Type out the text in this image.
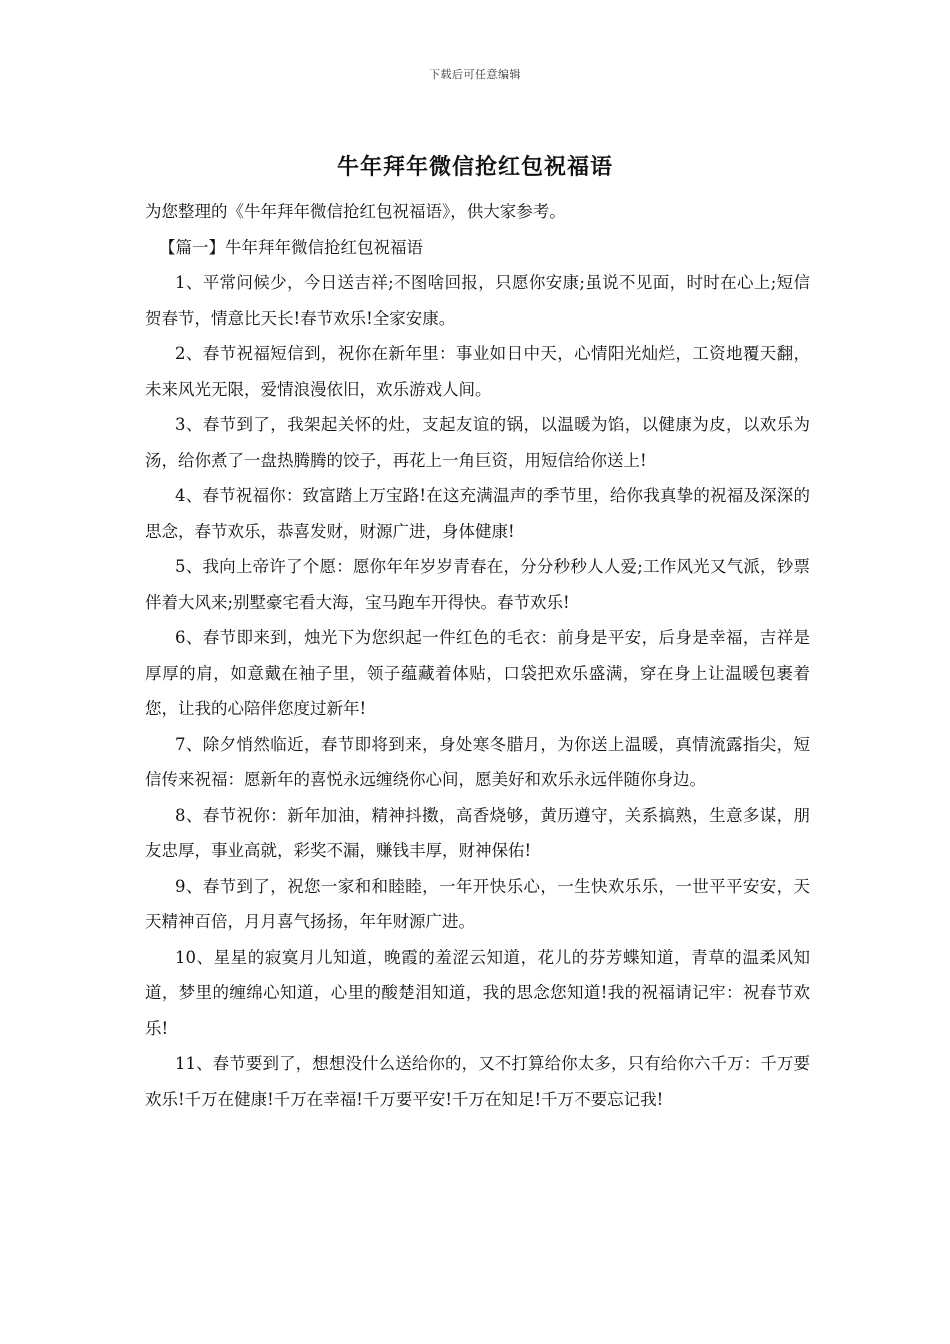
下载后可任意编辑
牛年拜年微信抢红包祝福语

为您整理的《牛年拜年微信抢红包祝福语》，供大家参考。

【篇一】牛年拜年微信抢红包祝福语

1、平常问候少，今日送吉祥;不图啥回报，只愿你安康;虽说不见面，时时在心上;短信贺春节，情意比天长!春节欢乐!全家安康。

2、春节祝福短信到，祝你在新年里：事业如日中天，心情阳光灿烂，工资地覆天翻，未来风光无限，爱情浪漫依旧，欢乐游戏人间。

3、春节到了，我架起关怀的灶，支起友谊的锅，以温暖为馅，以健康为皮，以欢乐为汤，给你煮了一盘热腾腾的饺子，再花上一角巨资，用短信给你送上!

4、春节祝福你：致富踏上万宝路!在这充满温声的季节里，给你我真挚的祝福及深深的思念，春节欢乐，恭喜发财，财源广进，身体健康!

5、我向上帝许了个愿：愿你年年岁岁青春在，分分秒秒人人爱;工作风光又气派，钞票伴着大风来;别墅豪宅看大海，宝马跑车开得快。春节欢乐!

6、春节即来到，烛光下为您织起一件红色的毛衣：前身是平安，后身是幸福，吉祥是厚厚的肩，如意戴在袖子里，领子蕴藏着体贴，口袋把欢乐盛满，穿在身上让温暖包裹着您，让我的心陪伴您度过新年!

7、除夕悄然临近，春节即将到来，身处寒冬腊月，为你送上温暖，真情流露指尖，短信传来祝福：愿新年的喜悦永远缠绕你心间，愿美好和欢乐永远伴随你身边。

8、春节祝你：新年加油，精神抖擞，高香烧够，黄历遵守，关系搞熟，生意多谋，朋友忠厚，事业高就，彩奖不漏，赚钱丰厚，财神保佑!

9、春节到了，祝您一家和和睦睦，一年开快乐心，一生快欢乐乐，一世平平安安，天天精神百倍，月月喜气扬扬，年年财源广进。

10、星星的寂寞月儿知道，晚霞的羞涩云知道，花儿的芬芳蝶知道，青草的温柔风知道，梦里的缠绵心知道，心里的酸楚泪知道，我的思念您知道!我的祝福请记牢：祝春节欢乐!

11、春节要到了，想想没什么送给你的，又不打算给你太多，只有给你六千万：千万要欢乐!千万在健康!千万在幸福!千万要平安!千万在知足!千万不要忘记我!
